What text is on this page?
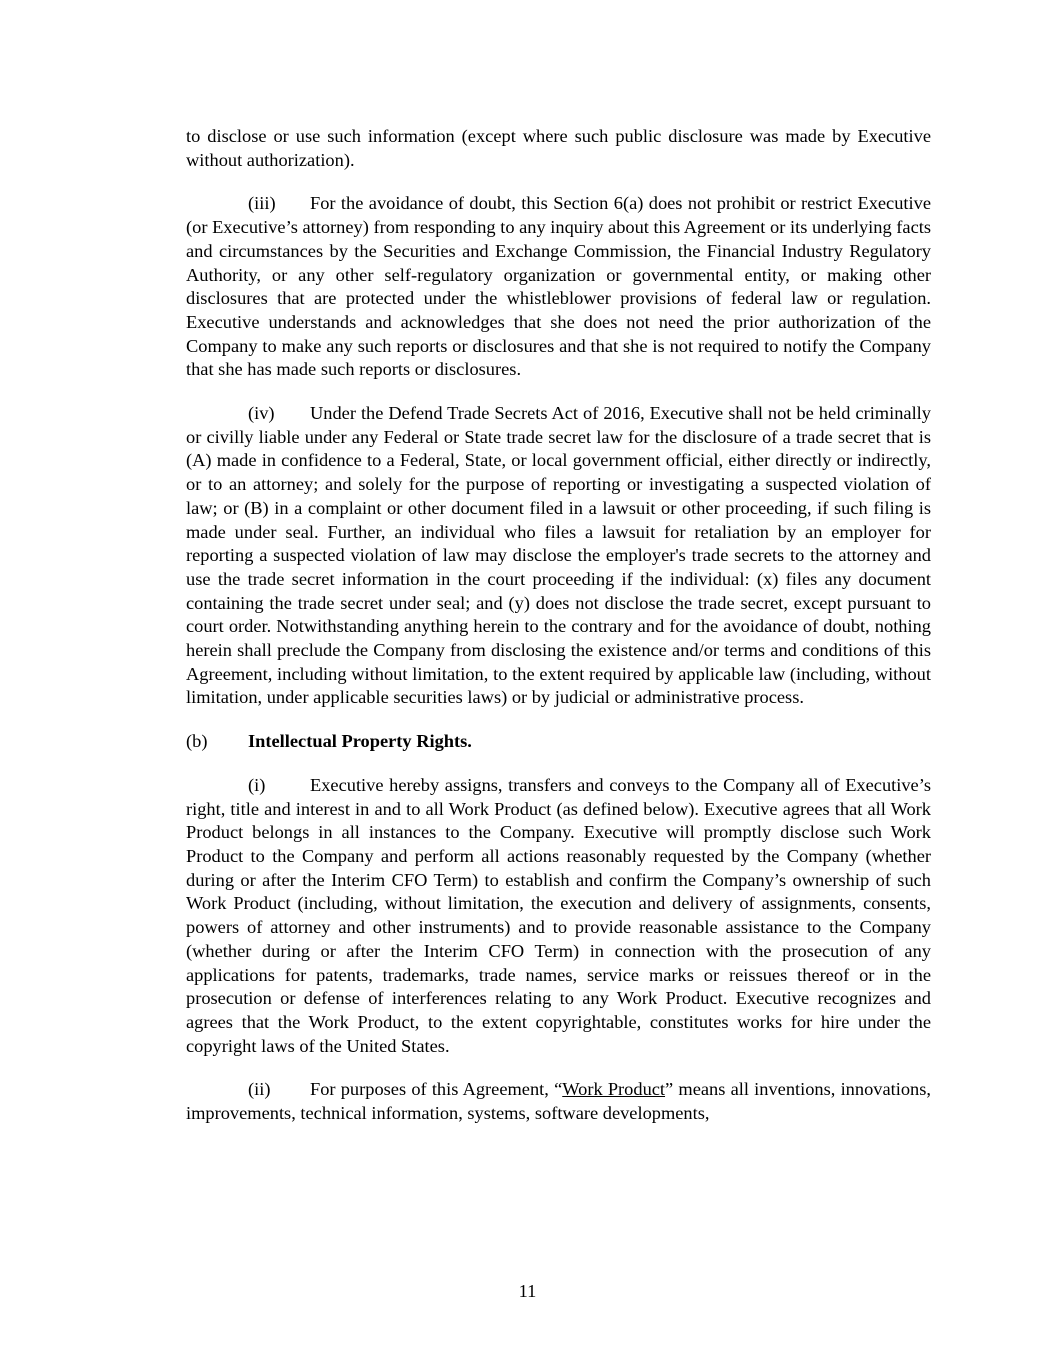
to disclose or use such information (except where such public disclosure was made by Executive without authorization).

(iii) For the avoidance of doubt, this Section 6(a) does not prohibit or restrict Executive (or Executive’s attorney) from responding to any inquiry about this Agreement or its underlying facts and circumstances by the Securities and Exchange Commission, the Financial Industry Regulatory Authority, or any other self-regulatory organization or governmental entity, or making other disclosures that are protected under the whistleblower provisions of federal law or regulation. Executive understands and acknowledges that she does not need the prior authorization of the Company to make any such reports or disclosures and that she is not required to notify the Company that she has made such reports or disclosures.

(iv) Under the Defend Trade Secrets Act of 2016, Executive shall not be held criminally or civilly liable under any Federal or State trade secret law for the disclosure of a trade secret that is (A) made in confidence to a Federal, State, or local government official, either directly or indirectly, or to an attorney; and solely for the purpose of reporting or investigating a suspected violation of law; or (B) in a complaint or other document filed in a lawsuit or other proceeding, if such filing is made under seal. Further, an individual who files a lawsuit for retaliation by an employer for reporting a suspected violation of law may disclose the employer's trade secrets to the attorney and use the trade secret information in the court proceeding if the individual: (x) files any document containing the trade secret under seal; and (y) does not disclose the trade secret, except pursuant to court order. Notwithstanding anything herein to the contrary and for the avoidance of doubt, nothing herein shall preclude the Company from disclosing the existence and/or terms and conditions of this Agreement, including without limitation, to the extent required by applicable law (including, without limitation, under applicable securities laws) or by judicial or administrative process.

(b) Intellectual Property Rights.

(i) Executive hereby assigns, transfers and conveys to the Company all of Executive’s right, title and interest in and to all Work Product (as defined below). Executive agrees that all Work Product belongs in all instances to the Company. Executive will promptly disclose such Work Product to the Company and perform all actions reasonably requested by the Company (whether during or after the Interim CFO Term) to establish and confirm the Company’s ownership of such Work Product (including, without limitation, the execution and delivery of assignments, consents, powers of attorney and other instruments) and to provide reasonable assistance to the Company (whether during or after the Interim CFO Term) in connection with the prosecution of any applications for patents, trademarks, trade names, service marks or reissues thereof or in the prosecution or defense of interferences relating to any Work Product. Executive recognizes and agrees that the Work Product, to the extent copyrightable, constitutes works for hire under the copyright laws of the United States.

(ii) For purposes of this Agreement, “Work Product” means all inventions, innovations, improvements, technical information, systems, software developments,

11
